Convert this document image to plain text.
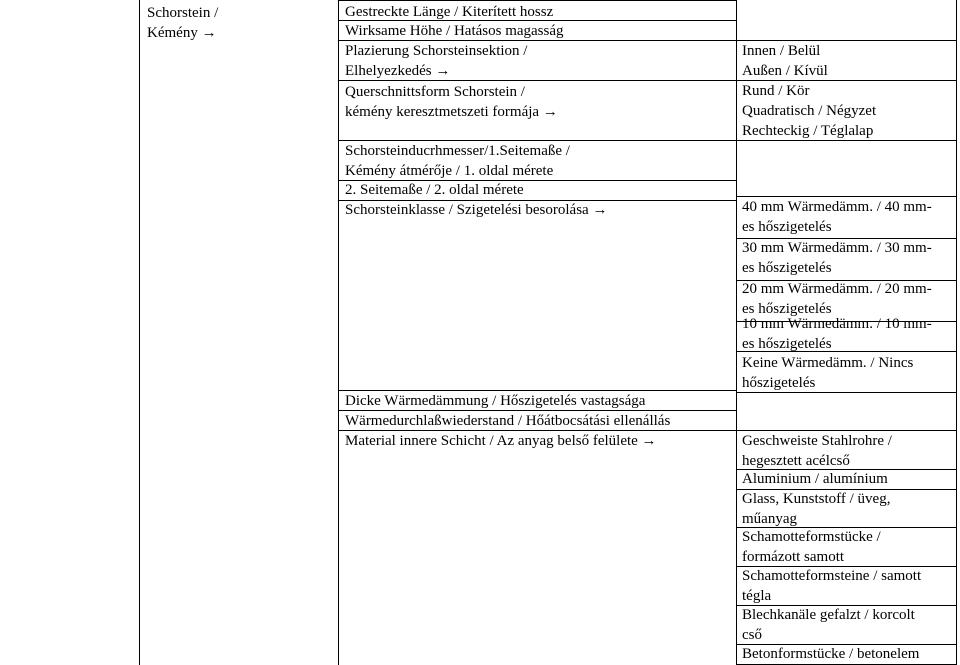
Schorstein /
Kémény →
Gestreckte Länge / Kiterített hossz
Wirksame Höhe / Hatásos magasság
Plazierung Schorsteinsektion /
Elhelyezkedés →
Querschnittsform Schorstein /
kémény keresztmetszeti formája →
Schorsteinducrhmesser/1.Seitemaße /
Kémény átmérője / 1. oldal mérete
2. Seitemaße / 2. oldal mérete
Schorsteinklasse / Szigetelési besorolása →
Dicke Wärmedämmung / Hőszigetelés vastagsága
Wärmedurchlaßwiederstand / Hőátbocsátási ellenállás
Material innere Schicht / Az anyag belső felülete →
Innen / Belül
Außen / Kívül
Rund / Kör
Quadratisch / Négyzet
Rechteckig / Téglalap
40 mm Wärmedämm. / 40 mm-
es hőszigetelés
30 mm Wärmedämm. / 30 mm-
es hőszigetelés
20 mm Wärmedämm. / 20 mm-
es hőszigetelés
10 mm Wärmedämm. / 10 mm-
es hőszigetelés
Keine Wärmedämm. / Nincs
hőszigetelés
Geschweiste Stahlrohre /
hegesztett acélcső
Aluminium / alumínium
Glass, Kunststoff / üveg,
műanyag
Schamotteformstücke /
formázott samott
Schamotteformsteine / samott
tégla
Blechkanäle gefalzt / korcolt
cső
Betonformstücke / betonelem
